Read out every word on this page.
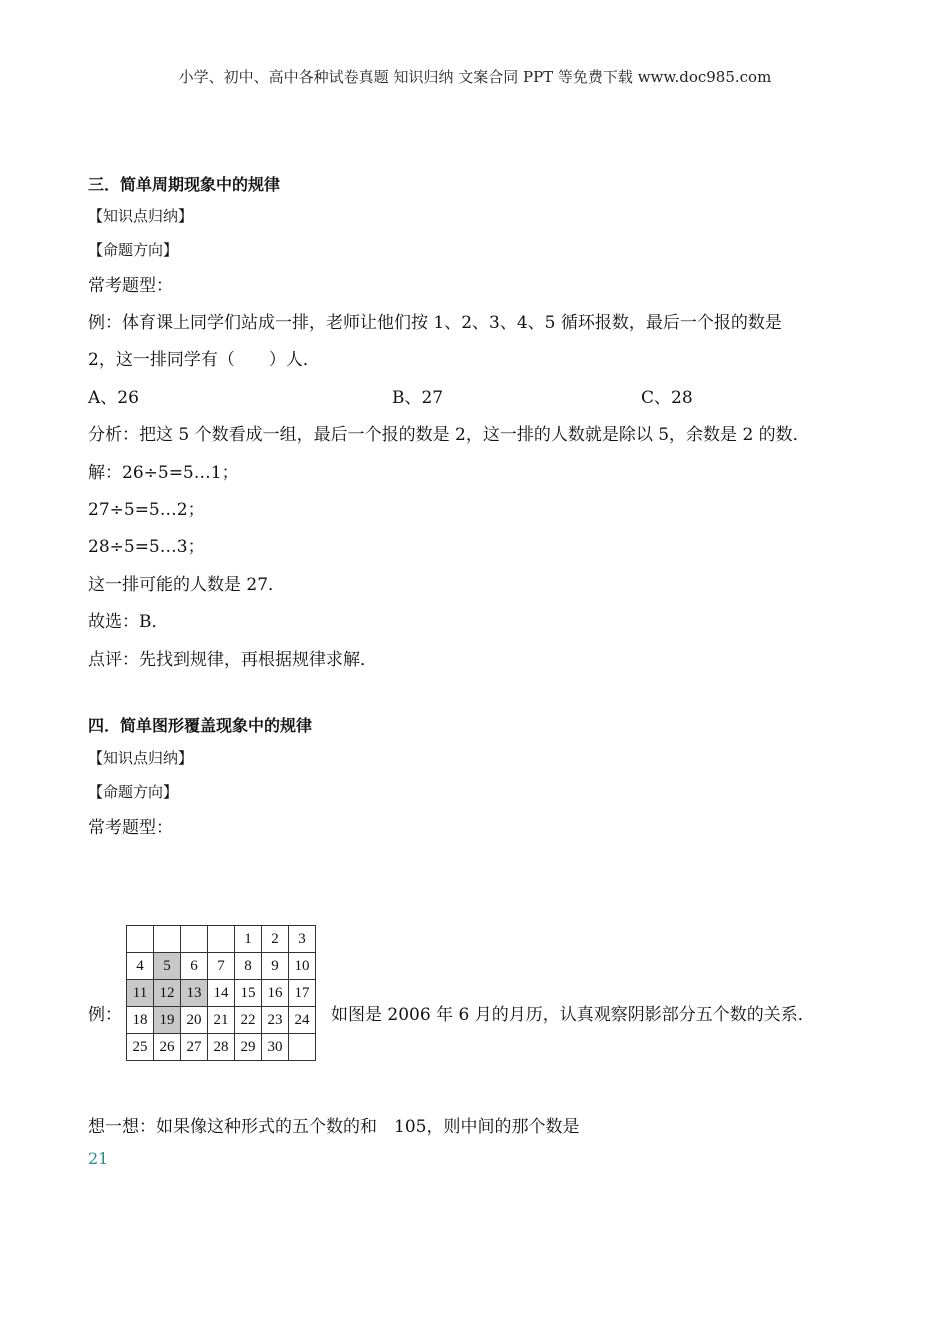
小学、初中、高中各种试卷真题 知识归纳 文案合同 PPT 等免费下载 www.doc985.com
三．简单周期现象中的规律
【知识点归纳】
【命题方向】
常考题型：
例：体育课上同学们站成一排，老师让他们按 1、2、3、4、5 循环报数，最后一个报的数是
2，这一排同学有（　　）人．
A、26	B、27	C、28
分析：把这 5 个数看成一组，最后一个报的数是 2，这一排的人数就是除以 5，余数是 2 的数．
解：26÷5=5…1；
27÷5=5…2；
28÷5=5…3；
这一排可能的人数是 27．
故选：B．
点评：先找到规律，再根据规律求解．
四．简单图形覆盖现象中的规律
【知识点归纳】
【命题方向】
常考题型：
例：
				1	2	3
4	5	6	7	8	9	10
11	12	13	14	15	16	17
18	19	20	21	22	23	24
25	26	27	28	29	30	
如图是 2006 年 6 月的月历，认真观察阴影部分五个数的关系．
想一想：如果像这种形式的五个数的和　105，则中间的那个数是
21
